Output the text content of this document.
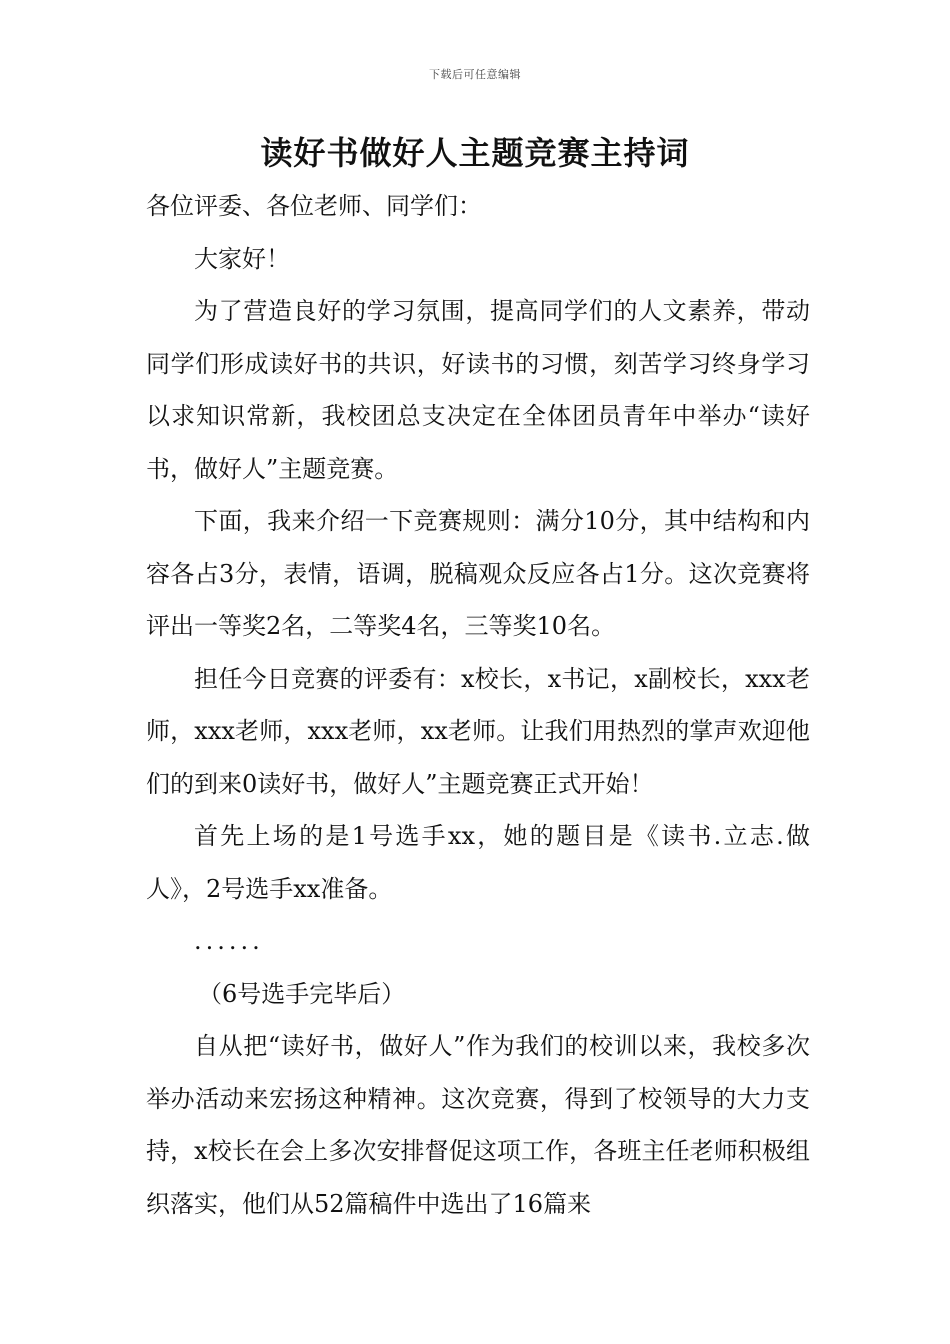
下载后可任意编辑
读好书做好人主题竞赛主持词

各位评委、各位老师、同学们：

大家好！

为了营造良好的学习氛围，提高同学们的人文素养，带动同学们形成读好书的共识，好读书的习惯，刻苦学习终身学习以求知识常新，我校团总支决定在全体团员青年中举办“读好书，做好人”主题竞赛。

下面，我来介绍一下竞赛规则：满分10分，其中结构和内容各占3分，表情，语调，脱稿观众反应各占1分。这次竞赛将评出一等奖2名，二等奖4名，三等奖10名。

担任今日竞赛的评委有：x校长，x书记，x副校长，xxx老师，xxx老师，xxx老师，xx老师。让我们用热烈的掌声欢迎他们的到来0读好书，做好人”主题竞赛正式开始！

首先上场的是1号选手xx，她的题目是《读书.立志.做人》，2号选手xx准备。

......

（6号选手完毕后）

自从把“读好书，做好人”作为我们的校训以来，我校多次举办活动来宏扬这种精神。这次竞赛，得到了校领导的大力支持，x校长在会上多次安排督促这项工作，各班主任老师积极组织落实，他们从52篇稿件中选出了16篇来
